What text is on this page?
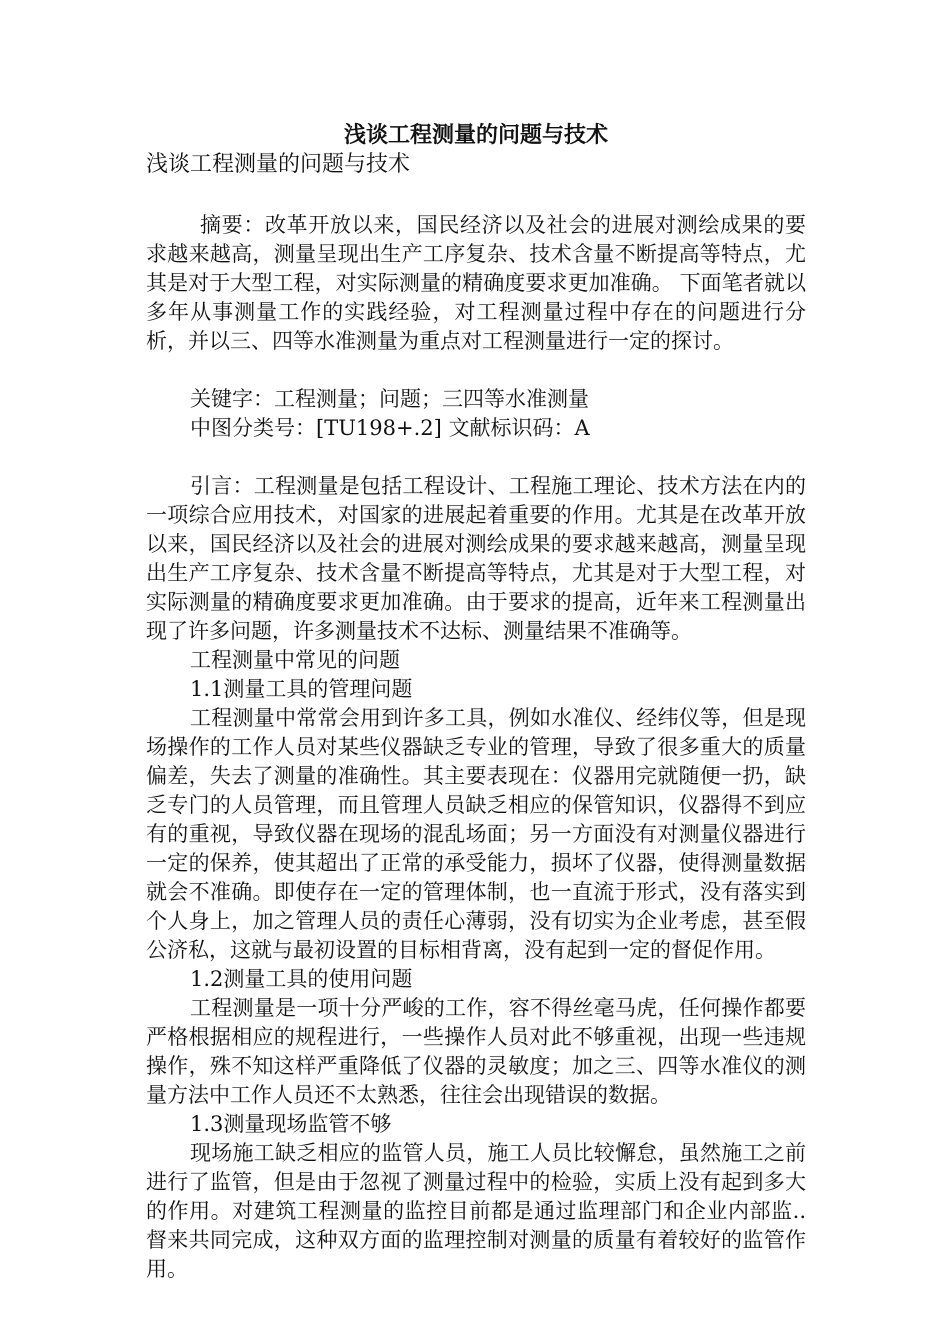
浅谈工程测量的问题与技术
浅谈工程测量的问题与技术

摘要：改革开放以来，国民经济以及社会的进展对测绘成果的要求越来越高，测量呈现出生产工序复杂、技术含量不断提高等特点，尤其是对于大型工程，对实际测量的精确度要求更加准确。 下面笔者就以多年从事测量工作的实践经验，对工程测量过程中存在的问题进行分析，并以三、四等水准测量为重点对工程测量进行一定的探讨。

关键字：工程测量；问题；三四等水准测量

中图分类号：[TU198+.2] 文献标识码：A

引言：工程测量是包括工程设计、工程施工理论、技术方法在内的一项综合应用技术，对国家的进展起着重要的作用。尤其是在改革开放以来，国民经济以及社会的进展对测绘成果的要求越来越高，测量呈现出生产工序复杂、技术含量不断提高等特点，尤其是对于大型工程，对实际测量的精确度要求更加准确。由于要求的提高，近年来工程测量出现了许多问题，许多测量技术不达标、测量结果不准确等。

工程测量中常见的问题

1.1测量工具的管理问题

工程测量中常常会用到许多工具，例如水准仪、经纬仪等，但是现场操作的工作人员对某些仪器缺乏专业的管理，导致了很多重大的质量偏差，失去了测量的准确性。其主要表现在：仪器用完就随便一扔，缺乏专门的人员管理，而且管理人员缺乏相应的保管知识，仪器得不到应有的重视，导致仪器在现场的混乱场面；另一方面没有对测量仪器进行一定的保养，使其超出了正常的承受能力，损坏了仪器，使得测量数据就会不准确。即使存在一定的管理体制，也一直流于形式，没有落实到个人身上，加之管理人员的责任心薄弱，没有切实为企业考虑，甚至假公济私，这就与最初设置的目标相背离，没有起到一定的督促作用。

1.2测量工具的使用问题

工程测量是一项十分严峻的工作，容不得丝毫马虎，任何操作都要严格根据相应的规程进行，一些操作人员对此不够重视，出现一些违规操作，殊不知这样严重降低了仪器的灵敏度；加之三、四等水准仪的测量方法中工作人员还不太熟悉，往往会出现错误的数据。

1.3测量现场监管不够

现场施工缺乏相应的监管人员，施工人员比较懈怠，虽然施工之前进行了监管，但是由于忽视了测量过程中的检验，实质上没有起到多大的作用。对建筑工程测量的监控目前都是通过监理部门和企业内部监..督来共同完成，这种双方面的监理控制对测量的质量有着较好的监管作用。
